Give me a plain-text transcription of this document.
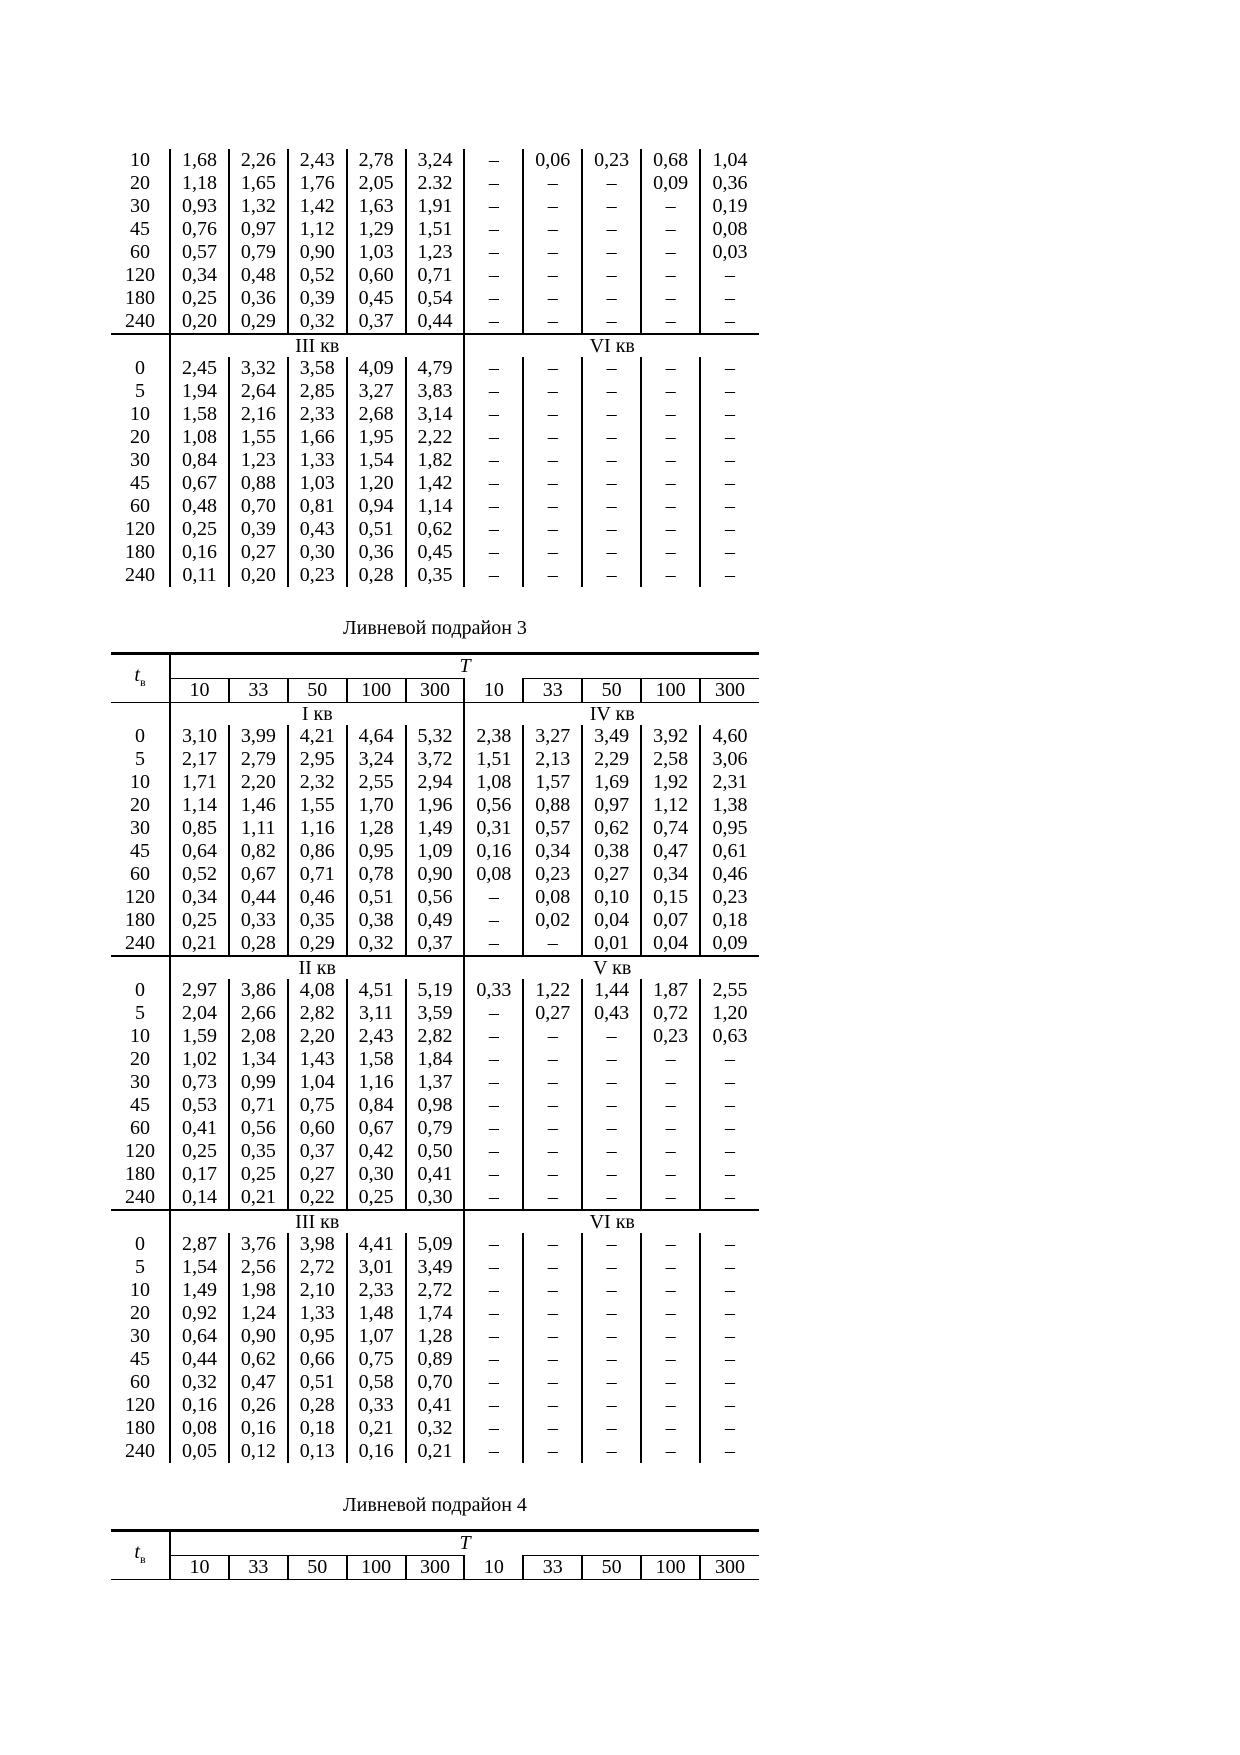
10	1,68	2,26	2,43	2,78	3,24	–	0,06	0,23	0,68	1,04
20	1,18	1,65	1,76	2,05	2.32	–	–	–	0,09	0,36
30	0,93	1,32	1,42	1,63	1,91	–	–	–	–	0,19
45	0,76	0,97	1,12	1,29	1,51	–	–	–	–	0,08
60	0,57	0,79	0,90	1,03	1,23	–	–	–	–	0,03
120	0,34	0,48	0,52	0,60	0,71	–	–	–	–	–
180	0,25	0,36	0,39	0,45	0,54	–	–	–	–	–
240	0,20	0,29	0,32	0,37	0,44	–	–	–	–	–
	III кв					VI кв				
0	2,45	3,32	3,58	4,09	4,79	–	–	–	–	–
5	1,94	2,64	2,85	3,27	3,83	–	–	–	–	–
10	1,58	2,16	2,33	2,68	3,14	–	–	–	–	–
20	1,08	1,55	1,66	1,95	2,22	–	–	–	–	–
30	0,84	1,23	1,33	1,54	1,82	–	–	–	–	–
45	0,67	0,88	1,03	1,20	1,42	–	–	–	–	–
60	0,48	0,70	0,81	0,94	1,14	–	–	–	–	–
120	0,25	0,39	0,43	0,51	0,62	–	–	–	–	–
180	0,16	0,27	0,30	0,36	0,45	–	–	–	–	–
240	0,11	0,20	0,23	0,28	0,35	–	–	–	–	–
Ливневой подрайон 3
$t_в$	T									
	10	33	50	100	300	10	33	50	100	300
	I кв					IV кв				
0	3,10	3,99	4,21	4,64	5,32	2,38	3,27	3,49	3,92	4,60
5	2,17	2,79	2,95	3,24	3,72	1,51	2,13	2,29	2,58	3,06
10	1,71	2,20	2,32	2,55	2,94	1,08	1,57	1,69	1,92	2,31
20	1,14	1,46	1,55	1,70	1,96	0,56	0,88	0,97	1,12	1,38
30	0,85	1,11	1,16	1,28	1,49	0,31	0,57	0,62	0,74	0,95
45	0,64	0,82	0,86	0,95	1,09	0,16	0,34	0,38	0,47	0,61
60	0,52	0,67	0,71	0,78	0,90	0,08	0,23	0,27	0,34	0,46
120	0,34	0,44	0,46	0,51	0,56	–	0,08	0,10	0,15	0,23
180	0,25	0,33	0,35	0,38	0,49	–	0,02	0,04	0,07	0,18
240	0,21	0,28	0,29	0,32	0,37	–	–	0,01	0,04	0,09
	II кв					V кв				
0	2,97	3,86	4,08	4,51	5,19	0,33	1,22	1,44	1,87	2,55
5	2,04	2,66	2,82	3,11	3,59	–	0,27	0,43	0,72	1,20
10	1,59	2,08	2,20	2,43	2,82	–	–	–	0,23	0,63
20	1,02	1,34	1,43	1,58	1,84	–	–	–	–	–
30	0,73	0,99	1,04	1,16	1,37	–	–	–	–	–
45	0,53	0,71	0,75	0,84	0,98	–	–	–	–	–
60	0,41	0,56	0,60	0,67	0,79	–	–	–	–	–
120	0,25	0,35	0,37	0,42	0,50	–	–	–	–	–
180	0,17	0,25	0,27	0,30	0,41	–	–	–	–	–
240	0,14	0,21	0,22	0,25	0,30	–	–	–	–	–
	III кв					VI кв				
0	2,87	3,76	3,98	4,41	5,09	–	–	–	–	–
5	1,54	2,56	2,72	3,01	3,49	–	–	–	–	–
10	1,49	1,98	2,10	2,33	2,72	–	–	–	–	–
20	0,92	1,24	1,33	1,48	1,74	–	–	–	–	–
30	0,64	0,90	0,95	1,07	1,28	–	–	–	–	–
45	0,44	0,62	0,66	0,75	0,89	–	–	–	–	–
60	0,32	0,47	0,51	0,58	0,70	–	–	–	–	–
120	0,16	0,26	0,28	0,33	0,41	–	–	–	–	–
180	0,08	0,16	0,18	0,21	0,32	–	–	–	–	–
240	0,05	0,12	0,13	0,16	0,21	–	–	–	–	–
Ливневой подрайон 4
$t_в$	T									
	10	33	50	100	300	10	33	50	100	300
